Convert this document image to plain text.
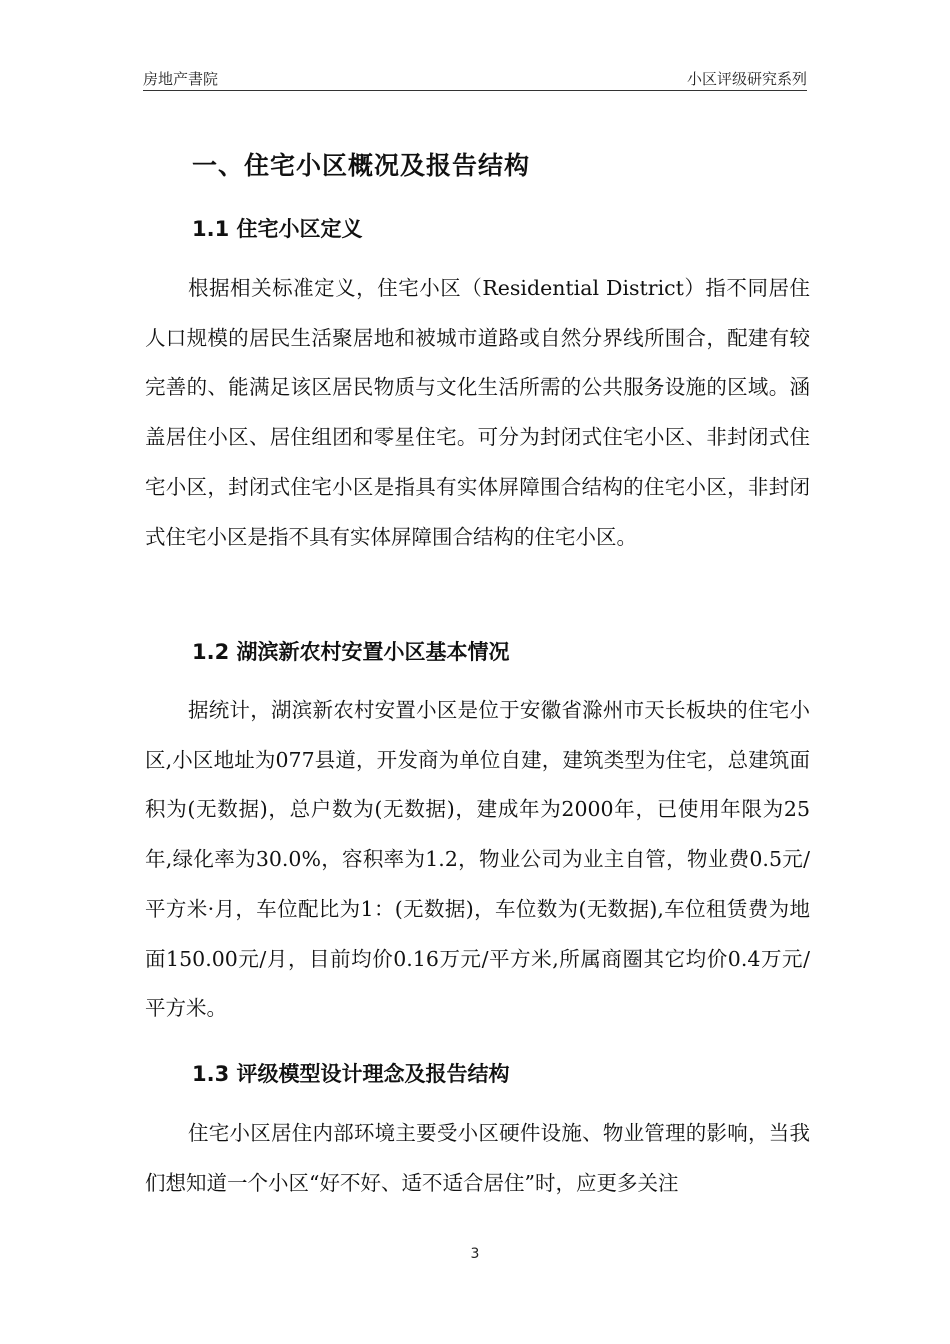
房地产書院	小区评级研究系列
一、住宅小区概况及报告结构
1.1 住宅小区定义

根据相关标准定义，住宅小区（Residential District）指不同居住人口规模的居民生活聚居地和被城市道路或自然分界线所围合，配建有较完善的、能满足该区居民物质与文化生活所需的公共服务设施的区域。涵盖居住小区、居住组团和零星住宅。可分为封闭式住宅小区、非封闭式住宅小区，封闭式住宅小区是指具有实体屏障围合结构的住宅小区，非封闭式住宅小区是指不具有实体屏障围合结构的住宅小区。

1.2 湖滨新农村安置小区基本情况

据统计，湖滨新农村安置小区是位于安徽省滁州市天长板块的住宅小区,小区地址为077县道，开发商为单位自建，建筑类型为住宅，总建筑面积为(无数据)，总户数为(无数据)，建成年为2000年，已使用年限为25年,绿化率为30.0%，容积率为1.2，物业公司为业主自管，物业费0.5元/平方米·月，车位配比为1：(无数据)，车位数为(无数据),车位租赁费为地面150.00元/月，目前均价0.16万元/平方米,所属商圈其它均价0.4万元/平方米。

1.3 评级模型设计理念及报告结构

住宅小区居住内部环境主要受小区硬件设施、物业管理的影响，当我们想知道一个小区“好不好、适不适合居住”时，应更多关注

3
